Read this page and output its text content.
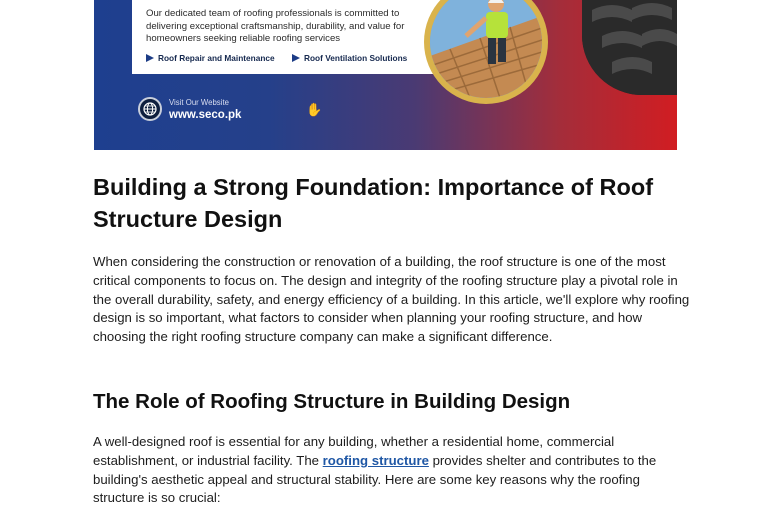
Our dedicated team of roofing professionals is committed to delivering exceptional craftsmanship, durability, and value for homeowners seeking reliable roofing services
Roof Repair and Maintenance	Roof Ventilation Solutions
Visit Our Website
www.seco.pk	✋
Building a Strong Foundation: Importance of Roof Structure Design

When considering the construction or renovation of a building, the roof structure is one of the most critical components to focus on. The design and integrity of the roofing structure play a pivotal role in the overall durability, safety, and energy efficiency of a building. In this article, we'll explore why roofing design is so important, what factors to consider when planning your roofing structure, and how choosing the right roofing structure company can make a significant difference.

The Role of Roofing Structure in Building Design

A well-designed roof is essential for any building, whether a residential home, commercial establishment, or industrial facility. The roofing structure provides shelter and contributes to the building's aesthetic appeal and structural stability. Here are some key reasons why the roofing structure is so crucial:
